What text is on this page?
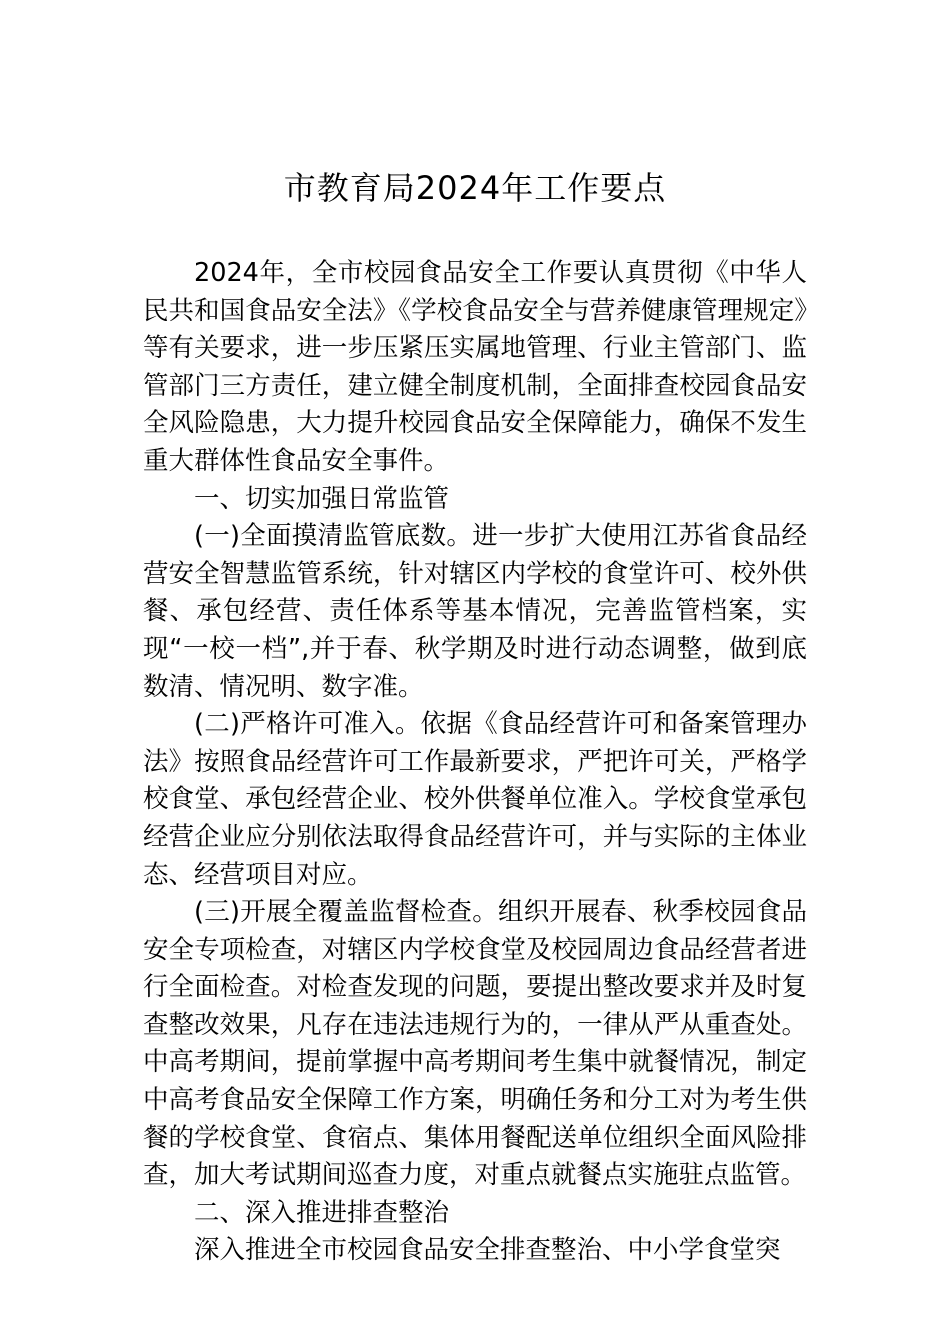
市教育局2024年工作要点

2024年，全市校园食品安全工作要认真贯彻《中华人民共和国食品安全法》《学校食品安全与营养健康管理规定》等有关要求，进一步压紧压实属地管理、行业主管部门、监管部门三方责任，建立健全制度机制，全面排查校园食品安全风险隐患，大力提升校园食品安全保障能力，确保不发生重大群体性食品安全事件。

一、切实加强日常监管

(一)全面摸清监管底数。进一步扩大使用江苏省食品经营安全智慧监管系统，针对辖区内学校的食堂许可、校外供餐、承包经营、责任体系等基本情况，完善监管档案，实现“一校一档”,并于春、秋学期及时进行动态调整，做到底数清、情况明、数字准。

(二)严格许可准入。依据《食品经营许可和备案管理办法》按照食品经营许可工作最新要求，严把许可关，严格学校食堂、承包经营企业、校外供餐单位准入。学校食堂承包经营企业应分别依法取得食品经营许可，并与实际的主体业态、经营项目对应。

(三)开展全覆盖监督检查。组织开展春、秋季校园食品安全专项检查，对辖区内学校食堂及校园周边食品经营者进行全面检查。对检查发现的问题，要提出整改要求并及时复查整改效果，凡存在违法违规行为的，一律从严从重查处。中高考期间，提前掌握中高考期间考生集中就餐情况，制定中高考食品安全保障工作方案，明确任务和分工对为考生供餐的学校食堂、食宿点、集体用餐配送单位组织全面风险排查，加大考试期间巡查力度，对重点就餐点实施驻点监管。

二、深入推进排查整治

深入推进全市校园食品安全排查整治、中小学食堂突
